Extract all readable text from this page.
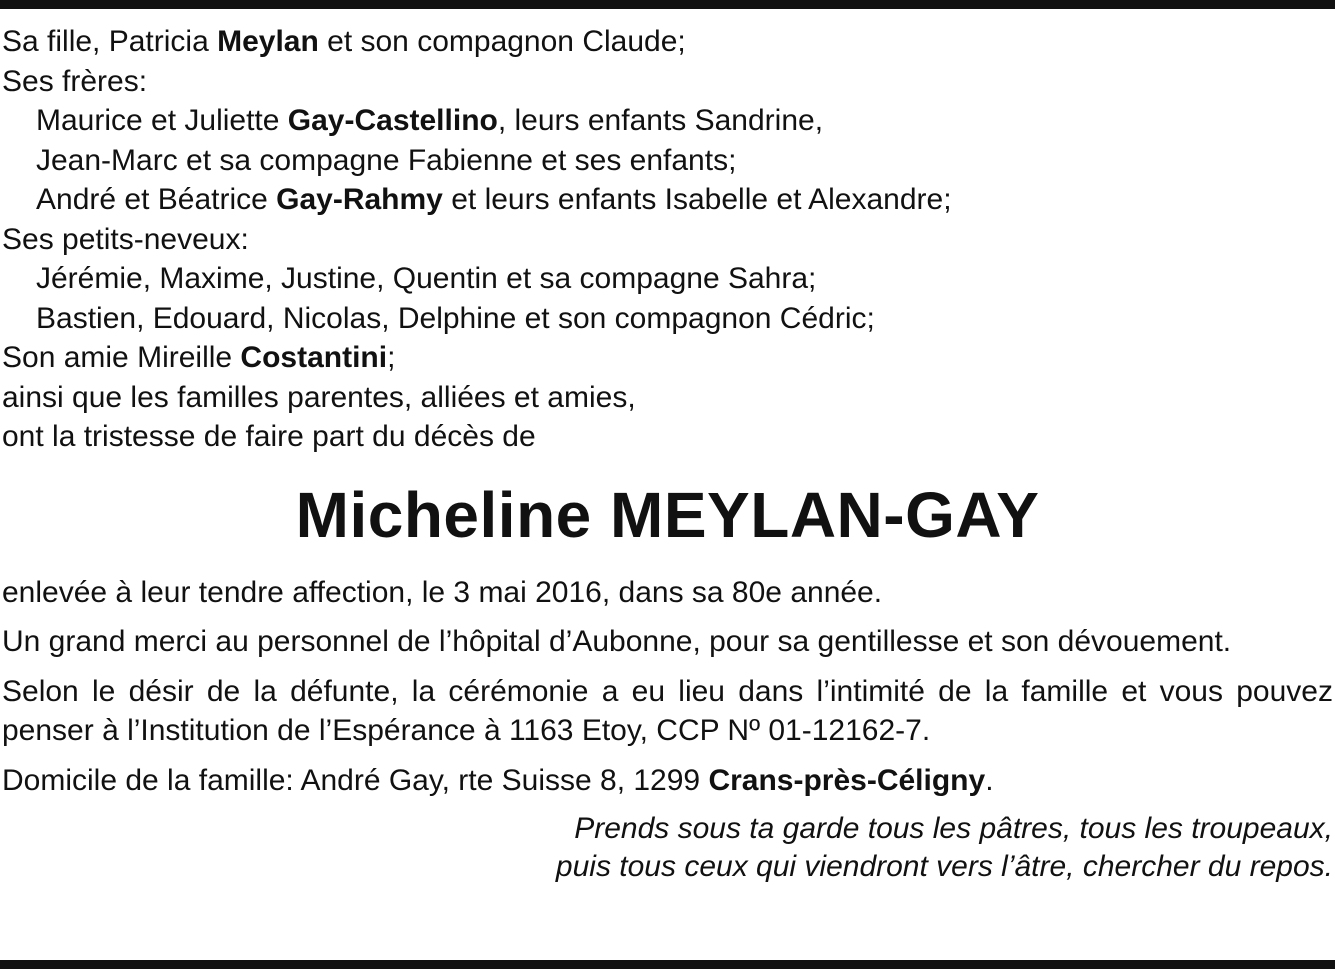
Sa fille, Patricia Meylan et son compagnon Claude;
Ses frères:
Maurice et Juliette Gay-Castellino, leurs enfants Sandrine,
Jean-Marc et sa compagne Fabienne et ses enfants;
André et Béatrice Gay-Rahmy et leurs enfants Isabelle et Alexandre;
Ses petits-neveux:
Jérémie, Maxime, Justine, Quentin et sa compagne Sahra;
Bastien, Edouard, Nicolas, Delphine et son compagnon Cédric;
Son amie Mireille Costantini;
ainsi que les familles parentes, alliées et amies,
ont la tristesse de faire part du décès de
Micheline MEYLAN-GAY
enlevée à leur tendre affection, le 3 mai 2016, dans sa 80e année.
Un grand merci au personnel de l’hôpital d’Aubonne, pour sa gentillesse et son dévouement.
Selon le désir de la défunte, la cérémonie a eu lieu dans l’intimité de la famille et vous pouvez penser à l’Institution de l’Espérance à 1163 Etoy, CCP Nº 01-12162-7.
Domicile de la famille: André Gay, rte Suisse 8, 1299 Crans-près-Céligny.
Prends sous ta garde tous les pâtres, tous les troupeaux,
puis tous ceux qui viendront vers l’âtre, chercher du repos.
